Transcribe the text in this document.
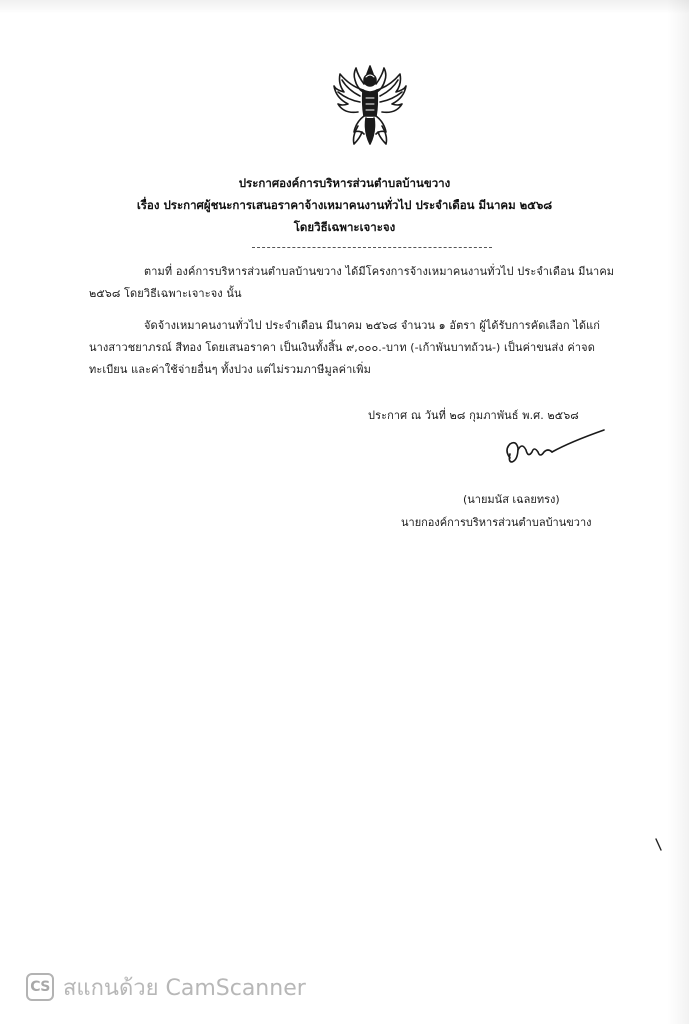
ประกาศองค์การบริหารส่วนตำบลบ้านขวาง
เรื่อง ประกาศผู้ชนะการเสนอราคาจ้างเหมาคนงานทั่วไป ประจำเดือน มีนาคม ๒๕๖๘
โดยวิธีเฉพาะเจาะจง
ตามที่ องค์การบริหารส่วนตำบลบ้านขวาง ได้มีโครงการจ้างเหมาคนงานทั่วไป ประจำเดือน มีนาคม
๒๕๖๘ โดยวิธีเฉพาะเจาะจง นั้น
จัดจ้างเหมาคนงานทั่วไป ประจำเดือน มีนาคม ๒๕๖๘ จำนวน ๑ อัตรา ผู้ได้รับการคัดเลือก ได้แก่
นางสาวชยาภรณ์ สีทอง โดยเสนอราคา เป็นเงินทั้งสิ้น ๙,๐๐๐.-บาท (-เก้าพันบาทถ้วน-) เป็นค่าขนส่ง ค่าจด
ทะเบียน และค่าใช้จ่ายอื่นๆ ทั้งปวง แต่ไม่รวมภาษีมูลค่าเพิ่ม
ประกาศ ณ วันที่ ๒๘ กุมภาพันธ์ พ.ศ. ๒๕๖๘
(นายมนัส เฉลยทรง)
นายกองค์การบริหารส่วนตำบลบ้านขวาง
CS สแกนด้วย CamScanner
